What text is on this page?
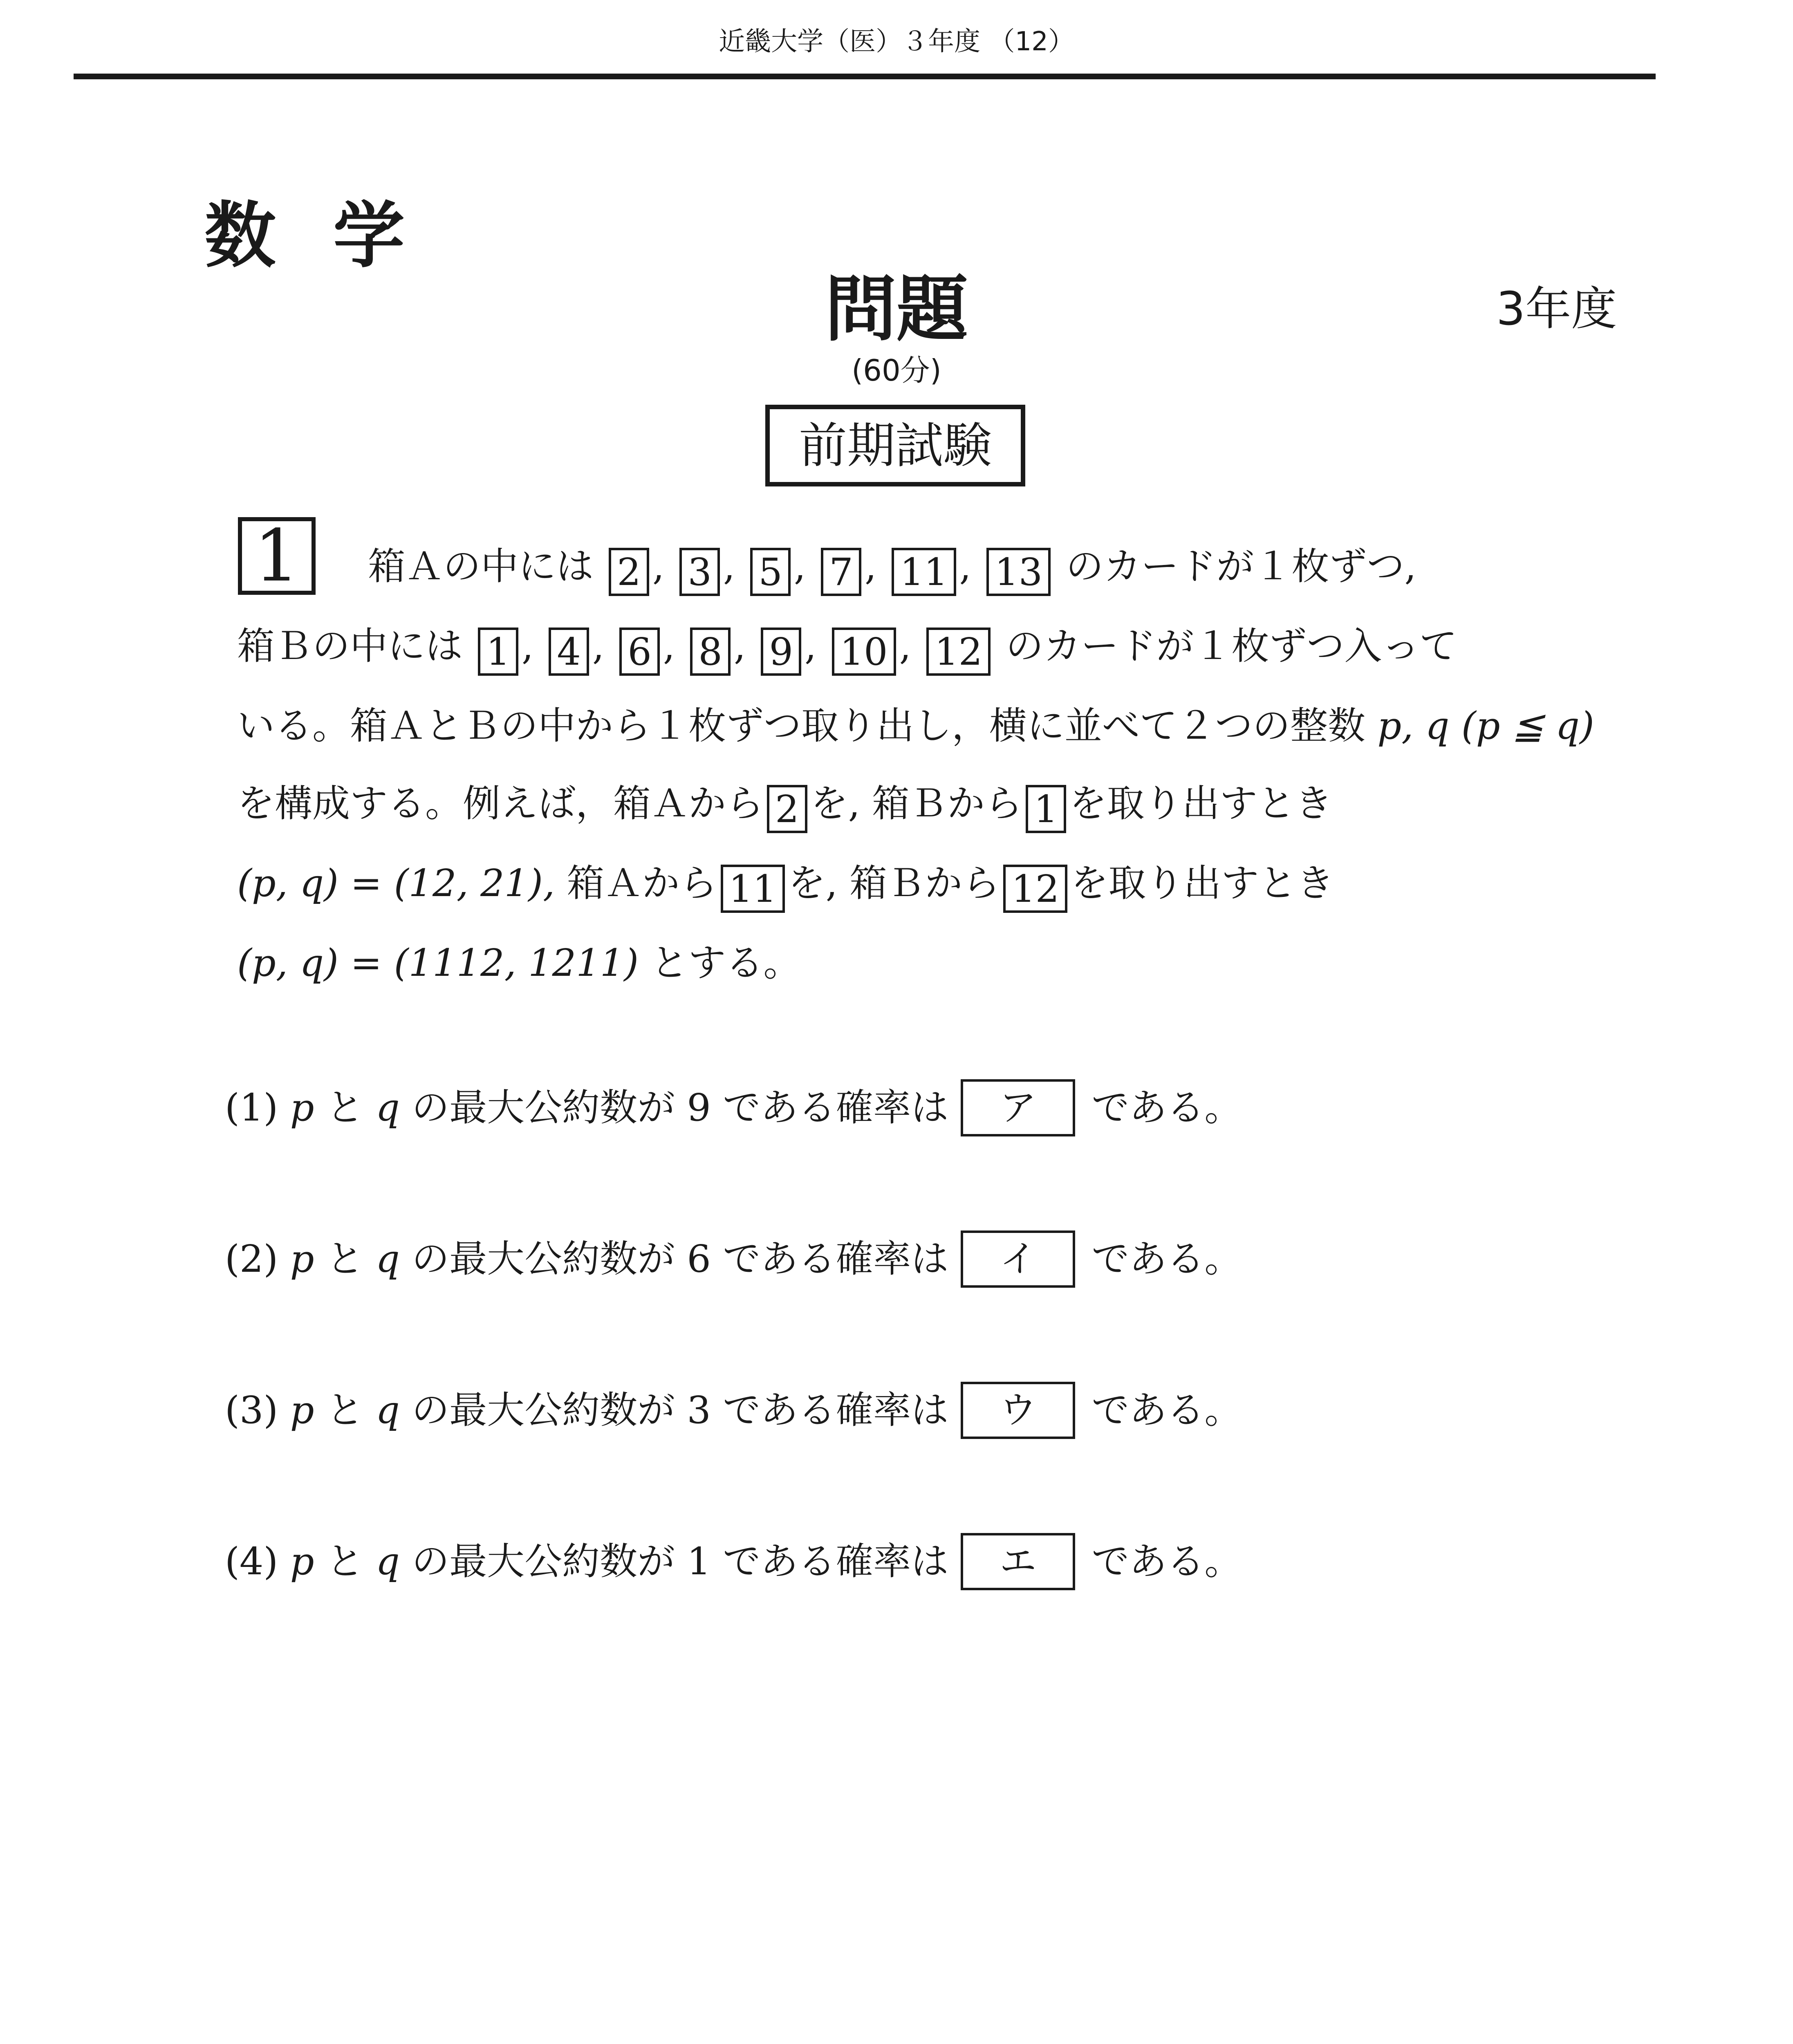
近畿大学（医）３年度 （12）
数学
問題	3年度
(60分)
前期試験
1 箱Ａの中には 2 , 3 , 5 , 7 , 11 , 13 のカードが１枚ずつ,
箱Ｂの中には 1 , 4 , 6 , 8 , 9 , 10 , 12 のカードが１枚ずつ入って
いる。箱ＡとＢの中から１枚ずつ取り出し，横に並べて２つの整数 p, q (p ≦ q)
を構成する。例えば，箱Ａから 2 を, 箱Ｂから 1 を取り出すとき
(p, q) = (12, 21), 箱Ａから 11 を, 箱Ｂから 12 を取り出すとき
(p, q) = (1112, 1211) とする。
(1)
p
と
q
の最大公約数が
9
である確率は ア である。
(2)
p
と
q
の最大公約数が
6
である確率は イ である。
(3)
p
と
q
の最大公約数が
3
である確率は ウ である。
(4)
p
と
q
の最大公約数が
1
である確率は エ である。
